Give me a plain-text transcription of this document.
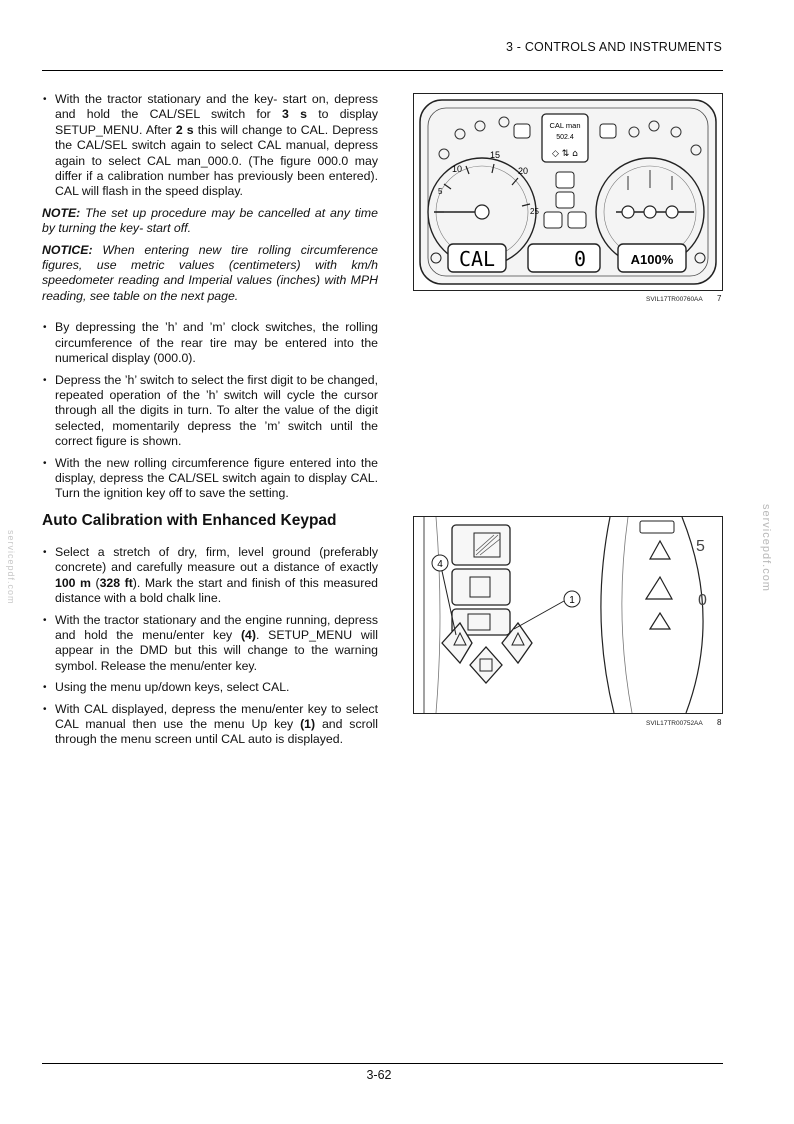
3 - CONTROLS AND INSTRUMENTS
• With the tractor stationary and the key- start on, depress and hold the CAL/SEL switch for 3 s to display SETUP_MENU. After 2 s this will change to CAL. Depress the CAL/SEL switch again to select CAL manual, depress again to select CAL man_000.0. (The figure 000.0 may differ if a calibration number has previously been entered). CAL will flash in the speed display.

NOTE: The set up procedure may be cancelled at any time by turning the key- start off.

NOTICE: When entering new tire rolling circumference figures, use metric values (centimeters) with km/h speedometer reading and Imperial values (inches) with MPH reading, see table on the next page.

• By depressing the ’h’ and ’m’ clock switches, the rolling circumference of the rear tire may be entered into the numerical display (000.0).
• Depress the ’h’ switch to select the first digit to be changed, repeated operation of the ’h’ switch will cycle the cursor through all the digits in turn. To alter the value of the digit selected, momentarily depress the ’m’ switch until the correct figure is shown.
• With the new rolling circumference figure entered into the display, depress the CAL/SEL switch again to display CAL. Turn the ignition key off to save the setting.
Auto Calibration with Enhanced Keypad
• Select a stretch of dry, firm, level ground (preferably concrete) and carefully measure out a distance of exactly 100 m (328 ft). Mark the start and finish of this measured distance with a bold chalk line.
• With the tractor stationary and the engine running, depress and hold the menu/enter key (4). SETUP_MENU will appear in the DMD but this will change to the warning symbol. Release the menu/enter key.
• Using the menu up/down keys, select CAL.
• With CAL displayed, depress the menu/enter key to select CAL manual then use the menu Up key (1) and scroll through the menu screen until CAL auto is displayed.
15
10	20
25
5
CAL man
502.4
◇ ⇅ ⌂
CAL	0	A100%
SVIL17TR00760AA 7
4
1
5
0
SVIL17TR00752AA 8
servicepdf.com	servicepdf.com
3-62
